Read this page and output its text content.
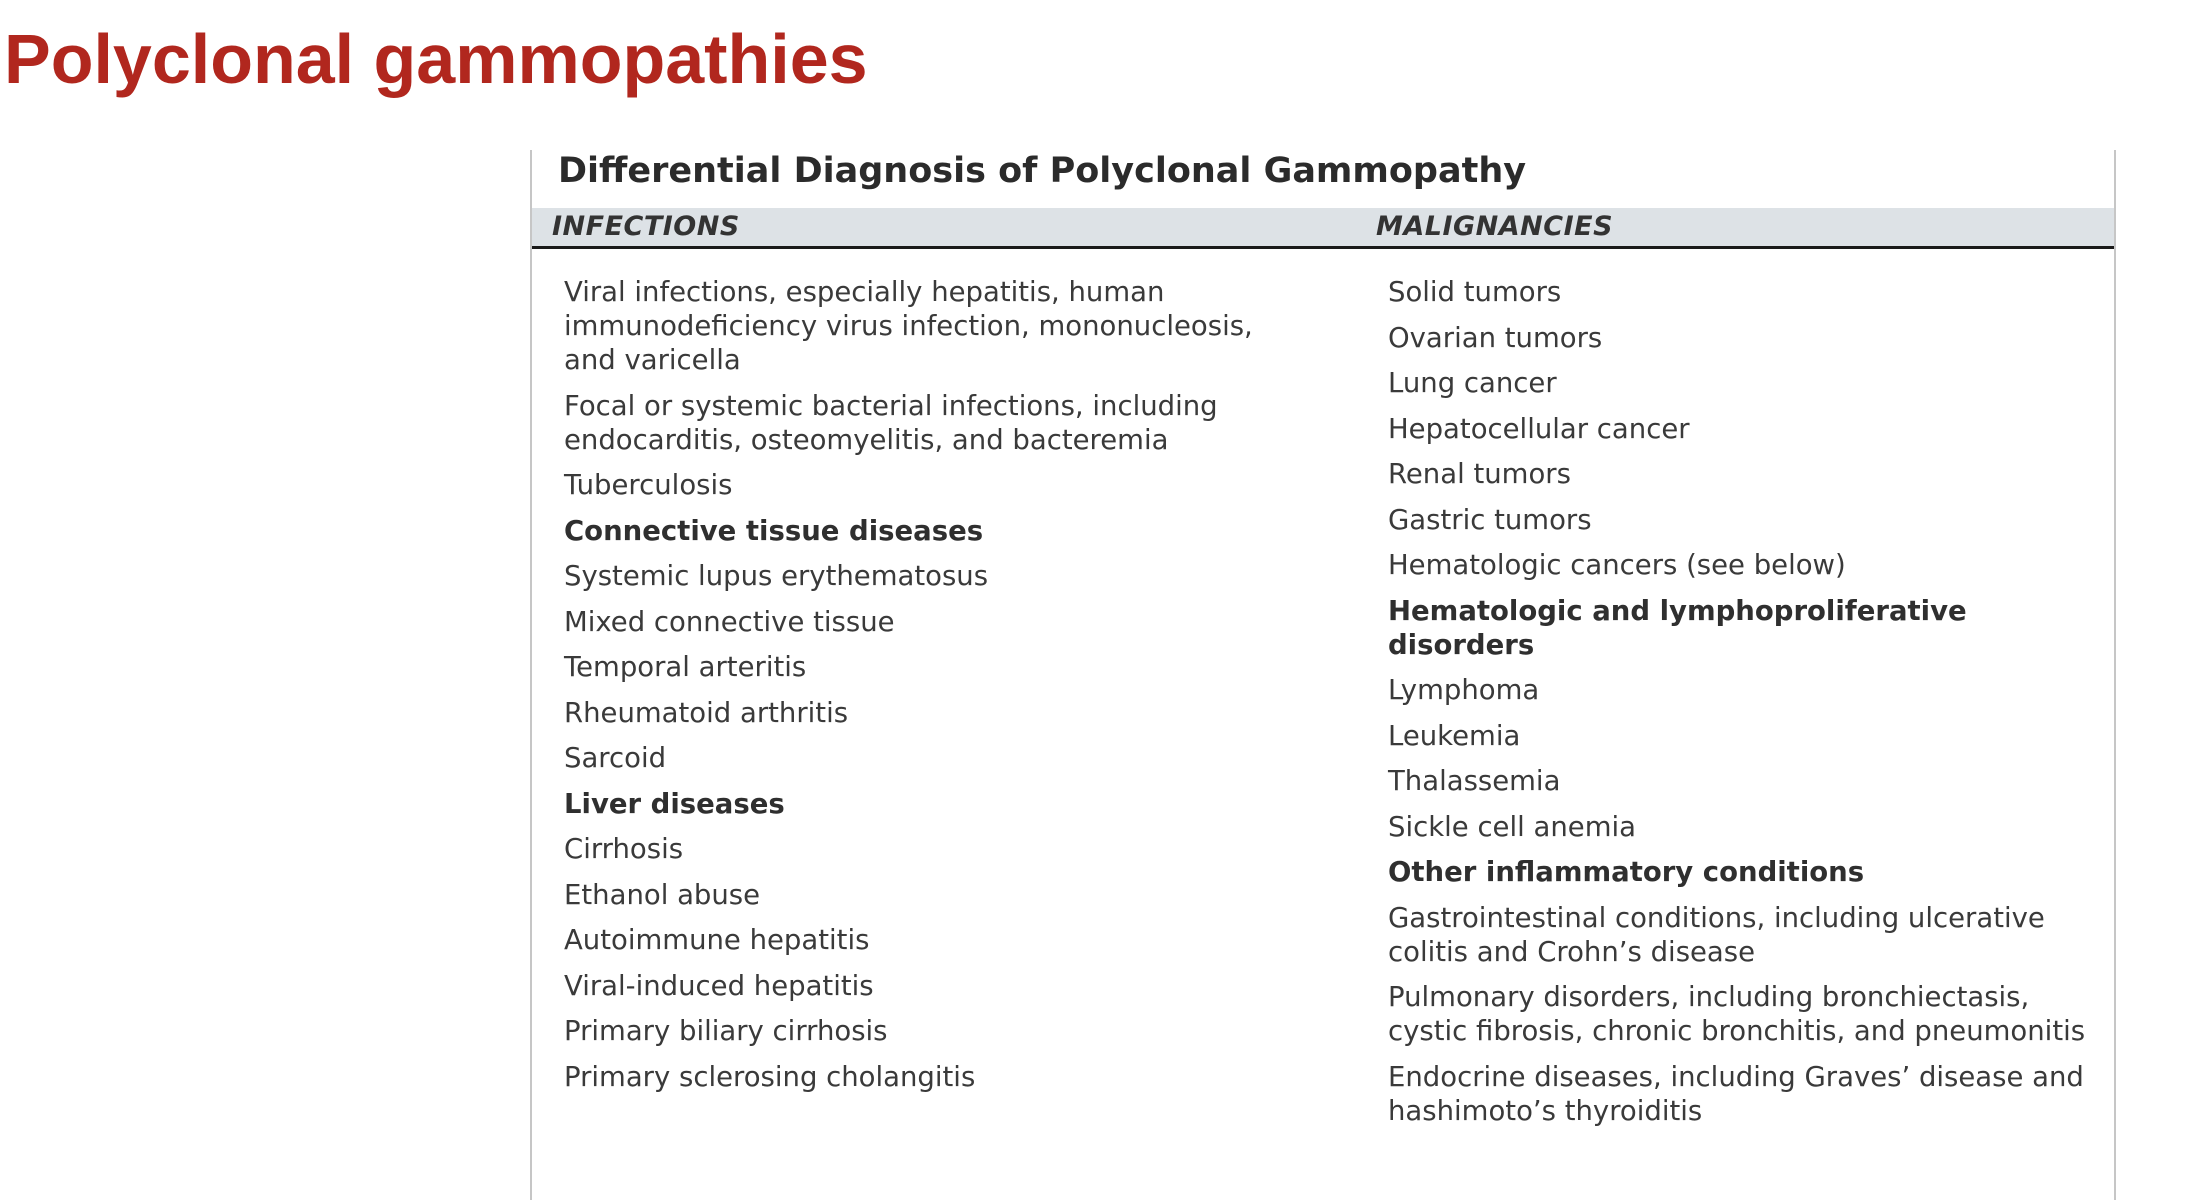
Polyclonal gammopathies
Differential Diagnosis of Polyclonal Gammopathy
INFECTIONS	MALIGNANCIES
Viral infections, especially hepatitis, human immunodeficiency virus infection, mononucleosis, and varicella
Focal or systemic bacterial infections, including endocarditis, osteomyelitis, and bacteremia
Tuberculosis
Connective tissue diseases
Systemic lupus erythematosus
Mixed connective tissue
Temporal arteritis
Rheumatoid arthritis
Sarcoid
Liver diseases
Cirrhosis
Ethanol abuse
Autoimmune hepatitis
Viral-induced hepatitis
Primary biliary cirrhosis
Primary sclerosing cholangitis
Solid tumors
Ovarian tumors
Lung cancer
Hepatocellular cancer
Renal tumors
Gastric tumors
Hematologic cancers (see below)
Hematologic and lymphoproliferative disorders
Lymphoma
Leukemia
Thalassemia
Sickle cell anemia
Other inflammatory conditions
Gastrointestinal conditions, including ulcerative colitis and Crohn’s disease
Pulmonary disorders, including bronchiectasis, cystic fibrosis, chronic bronchitis, and pneumonitis
Endocrine diseases, including Graves’ disease and hashimoto’s thyroiditis
